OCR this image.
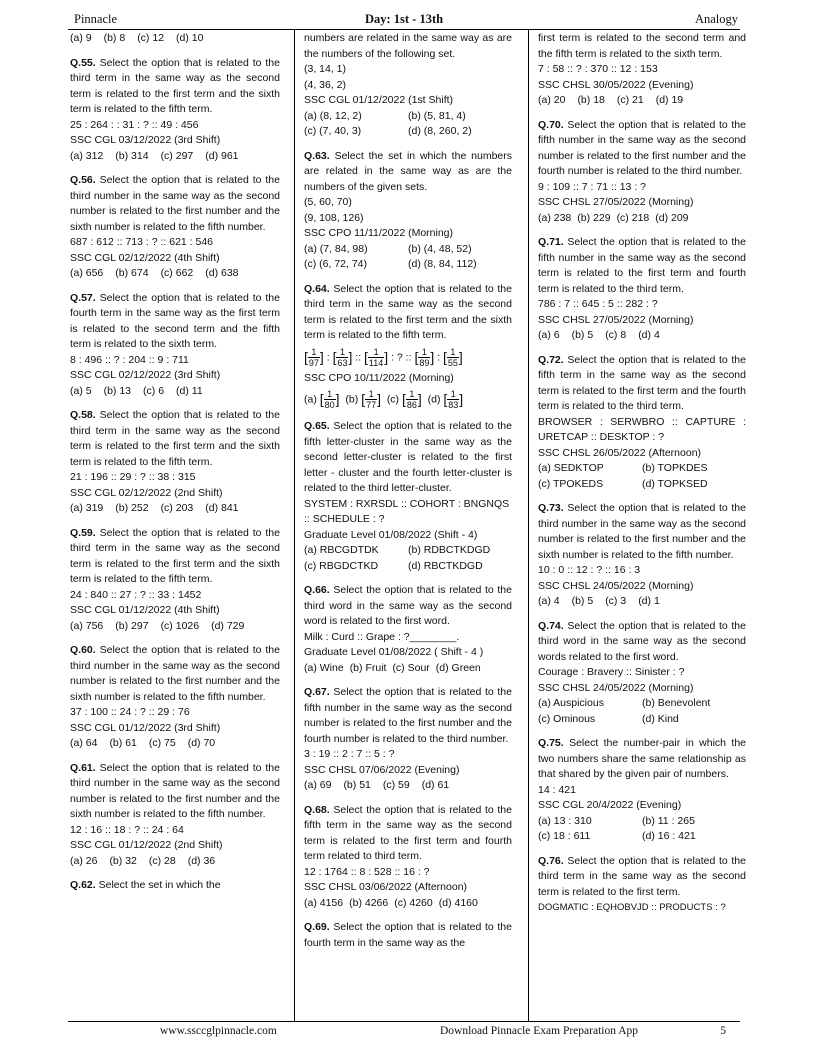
Pinnacle	Day: 1st - 13th	Analogy

(a) 9 (b) 8 (c) 12 (d) 10

Q.55. Select the option that is related to the third term in the same way as the second term is related to the first term and the sixth term is related to the fifth term.

25 : 264 : : 31 : ? :: 49 : 456

SSC CGL 03/12/2022 (3rd Shift)

(a) 312 (b) 314 (c) 297 (d) 961

Q.56. Select the option that is related to the third number in the same way as the second number is related to the first number and the sixth number is related to the fifth number.

687 : 612 :: 713 : ? :: 621 : 546

SSC CGL 02/12/2022 (4th Shift)

(a) 656 (b) 674 (c) 662 (d) 638

Q.57. Select the option that is related to the fourth term in the same way as the first term is related to the second term and the fifth term is related to the sixth term.

8 : 496 :: ? : 204 :: 9 : 711

SSC CGL 02/12/2022 (3rd Shift)

(a) 5 (b) 13 (c) 6 (d) 11

Q.58. Select the option that is related to the third term in the same way as the second term is related to the first term and the sixth term is related to the fifth term.

21 : 196 :: 29 : ? :: 38 : 315

SSC CGL 02/12/2022 (2nd Shift)

(a) 319 (b) 252 (c) 203 (d) 841

Q.59. Select the option that is related to the third term in the same way as the second term is related to the first term and the sixth term is related to the fifth term.

24 : 840 :: 27 : ? :: 33 : 1452

SSC CGL 01/12/2022 (4th Shift)

(a) 756 (b) 297 (c) 1026 (d) 729

Q.60. Select the option that is related to the third number in the same way as the second number is related to the first number and the sixth number is related to the fifth number.

37 : 100 :: 24 : ? :: 29 : 76

SSC CGL 01/12/2022 (3rd Shift)

(a) 64 (b) 61 (c) 75 (d) 70

Q.61. Select the option that is related to the third number in the same way as the second number is related to the first number and the sixth number is related to the fifth number.

12 : 16 :: 18 : ? :: 24 : 64

SSC CGL 01/12/2022 (2nd Shift)

(a) 26 (b) 32 (c) 28 (d) 36

Q.62. Select the set in which the

numbers are related in the same way as are the numbers of the following set.

(3, 14, 1)

(4, 36, 2)

SSC CGL 01/12/2022 (1st Shift)

(a) (8, 12, 2)	(b) (5, 81, 4)
(c) (7, 40, 3)	(d) (8, 260, 2)

Q.63. Select the set in which the numbers are related in the same way as are the numbers of the given sets.

(5, 60, 70)

(9, 108, 126)

SSC CPO 11/11/2022 (Morning)

(a) (7, 84, 98)	(b) (4, 48, 52)
(c) (6, 72, 74)	(d) (8, 84, 112)

Q.64. Select the option that is related to the third term in the same way as the second term is related to the first term and the sixth term is related to the fifth term.

[ $\frac{1}{97}$ ] : [ $\frac{1}{63}$ ] :: [ $\frac{1}{114}$ ] : ? :: [ $\frac{1}{89}$ ] : [ $\frac{1}{55}$ ]

SSC CPO 10/11/2022 (Morning)

(a) [ $\frac{1}{80}$ ] (b) [ $\frac{1}{77}$ ] (c) [ $\frac{1}{86}$ ] (d) [ $\frac{1}{83}$ ]

Q.65. Select the option that is related to the fifth letter-cluster in the same way as the second letter-cluster is related to the first letter - cluster and the fourth letter-cluster is related to the third letter-cluster.

SYSTEM : RXRSDL :: COHORT : BNGNQS :: SCHEDULE : ?

Graduate Level 01/08/2022 (Shift - 4)

(a) RBCGDTDK	(b) RDBCTKDGD
(c) RBGDCTKD	(d) RBCTKDGD

Q.66. Select the option that is related to the third word in the same way as the second word is related to the first word.

Milk : Curd :: Grape : ?________.

Graduate Level 01/08/2022 ( Shift - 4 )

(a) Wine (b) Fruit (c) Sour (d) Green

Q.67. Select the option that is related to the fifth number in the same way as the second number is related to the first number and the fourth number is related to the third number.

3 : 19 :: 2 : 7 :: 5 : ?

SSC CHSL 07/06/2022 (Evening)

(a) 69 (b) 51 (c) 59 (d) 61

Q.68. Select the option that is related to the fifth term in the same way as the second term is related to the first term and fourth term related to third term.

12 : 1764 :: 8 : 528 :: 16 : ?

SSC CHSL 03/06/2022 (Afternoon)

(a) 4156 (b) 4266 (c) 4260 (d) 4160

Q.69. Select the option that is related to the fourth term in the same way as the

first term is related to the second term and the fifth term is related to the sixth term.

7 : 58 :: ? : 370 :: 12 : 153

SSC CHSL 30/05/2022 (Evening)

(a) 20 (b) 18 (c) 21 (d) 19

Q.70. Select the option that is related to the fifth number in the same way as the second number is related to the first number and the fourth number is related to the third number.

9 : 109 :: 7 : 71 :: 13 : ?

SSC CHSL 27/05/2022 (Morning)

(a) 238 (b) 229 (c) 218 (d) 209

Q.71. Select the option that is related to the fifth number in the same way as the second term is related to the first term and fourth term is related to the third term.

786 : 7 :: 645 : 5 :: 282 : ?

SSC CHSL 27/05/2022 (Morning)

(a) 6 (b) 5 (c) 8 (d) 4

Q.72. Select the option that is related to the fifth term in the same way as the second term is related to the first term and the fourth term is related to the third term.

BROWSER : SERWBRO :: CAPTURE : URETCAP :: DESKTOP : ?

SSC CHSL 26/05/2022 (Afternoon)

(a) SEDKTOP	(b) TOPKDES
(c) TPOKEDS	(d) TOPKSED

Q.73. Select the option that is related to the third number in the same way as the second number is related to the first number and the sixth number is related to the fifth number.

10 : 0 :: 12 : ? :: 16 : 3

SSC CHSL 24/05/2022 (Morning)

(a) 4 (b) 5 (c) 3 (d) 1

Q.74. Select the option that is related to the third word in the same way as the second words related to the first word.

Courage : Bravery :: Sinister : ?

SSC CHSL 24/05/2022 (Morning)

(a) Auspicious	(b) Benevolent
(c) Ominous	(d) Kind

Q.75. Select the number-pair in which the two numbers share the same relationship as that shared by the given pair of numbers.

14 : 421

SSC CGL 20/4/2022 (Evening)

(a) 13 : 310	(b) 11 : 265
(c) 18 : 611	(d) 16 : 421

Q.76. Select the option that is related to the third term in the same way as the second term is related to the first term.

DOGMATIC : EQHOBVJD :: PRODUCTS : ?

www.ssccglpinnacle.com	Download Pinnacle Exam Preparation App	5
